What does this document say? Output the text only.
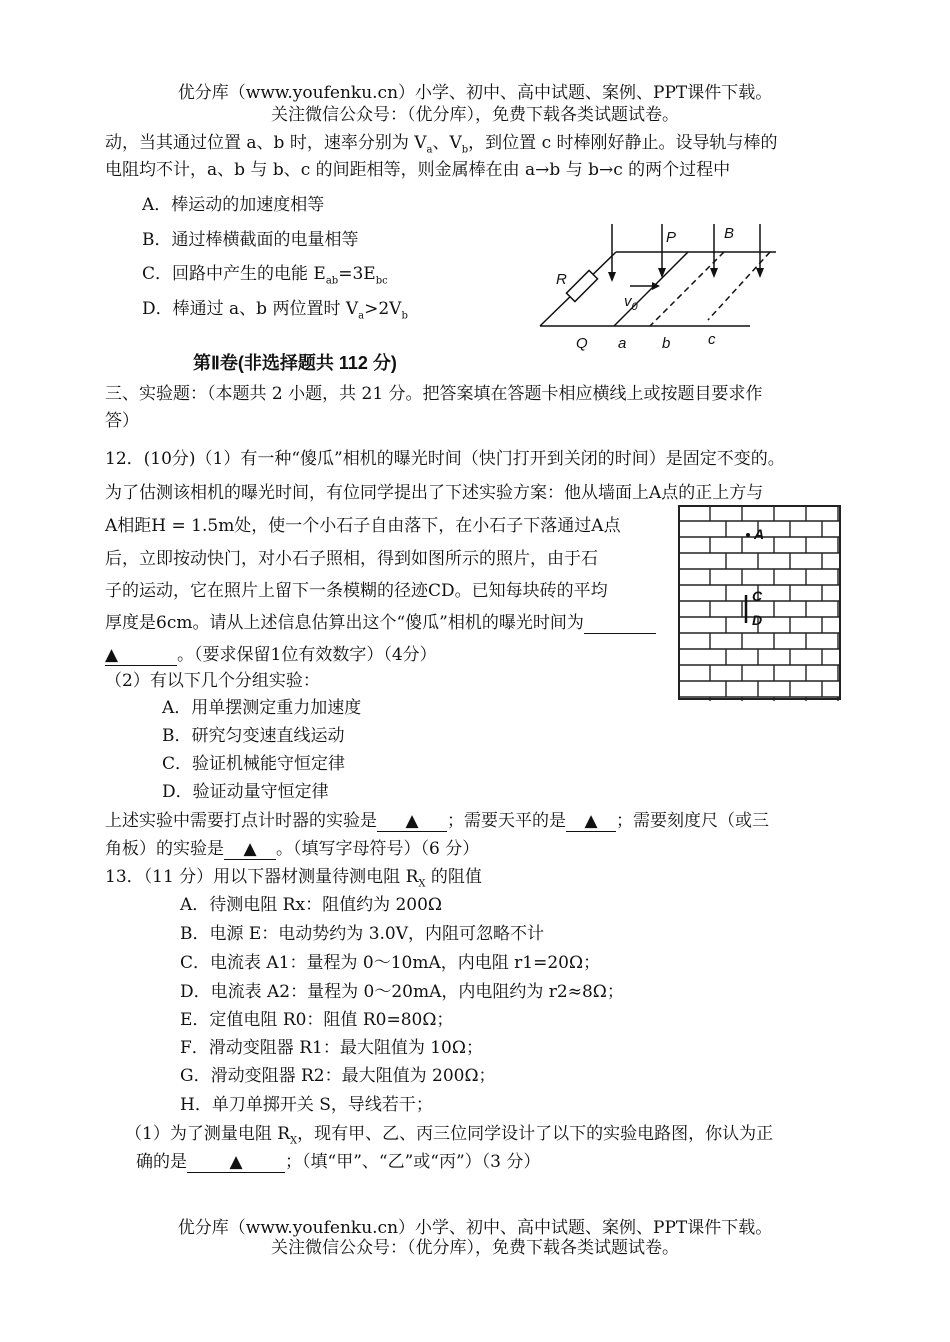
优分库（www.youfenku.cn）小学、初中、高中试题、案例、PPT课件下载。
关注微信公众号：（优分库），免费下载各类试题试卷。
动，当其通过位置 a、b 时，速率分别为 $V_a$、$V_b$，到位置 c 时棒刚好静止。设导轨与棒的
电阻均不计，a、b 与 b、c 的间距相等，则金属棒在由 a→b 与 b→c 的两个过程中
A．棒运动的加速度相等
B．通过棒横截面的电量相等
C．回路中产生的电能 $E_{ab}=3E_{bc}$
D．棒通过 a、b 两位置时 $V_a>2V_b$
R
P	B
$v_0$
Q a b	c
第Ⅱ卷(非选择题共 112 分)
三、实验题：（本题共 2 小题，共 21 分。把答案填在答题卡相应横线上或按题目要求作
答）
12．(10分)（1）有一种“傻瓜”相机的曝光时间（快门打开到关闭的时间）是固定不变的。
为了估测该相机的曝光时间，有位同学提出了下述实验方案：他从墙面上A点的正上方与
A相距H = 1.5m处，使一个小石子自由落下，在小石子下落通过A点
后，立即按动快门，对小石子照相，得到如图所示的照片，由于石
子的运动，它在照片上留下一条模糊的径迹CD。已知每块砖的平均
厚度是6cm。请从上述信息估算出这个“傻瓜”相机的曝光时间为
▲	。（要求保留1位有效数字）（4分）
A
C
D
（2）有以下几个分组实验：
A．用单摆测定重力加速度
B．研究匀变速直线运动
C．验证机械能守恒定律
D．验证动量守恒定律
上述实验中需要打点计时器的实验是 ▲ ；需要天平的是 ▲ ；需要刻度尺（或三
角板）的实验是 ▲ 。（填写字母符号）（6 分）
13．（11 分）用以下器材测量待测电阻 $R_X$ 的阻值
A．待测电阻 Rx：阻值约为 200Ω
B．电源 E：电动势约为 3.0V，内阻可忽略不计
C．电流表 A1：量程为 0～10mA，内电阻 r1=20Ω；
D．电流表 A2：量程为 0～20mA，内电阻约为 r2≈8Ω；
E．定值电阻 R0：阻值 R0=80Ω；
F．滑动变阻器 R1：最大阻值为 10Ω；
G．滑动变阻器 R2：最大阻值为 200Ω；
H．单刀单掷开关 S，导线若干；
（1）为了测量电阻 $R_X$，现有甲、乙、丙三位同学设计了以下的实验电路图，你认为正
确的是 ▲ ；（填“甲”、“乙”或“丙”）（3 分）
优分库（www.youfenku.cn）小学、初中、高中试题、案例、PPT课件下载。
关注微信公众号：（优分库），免费下载各类试题试卷。
